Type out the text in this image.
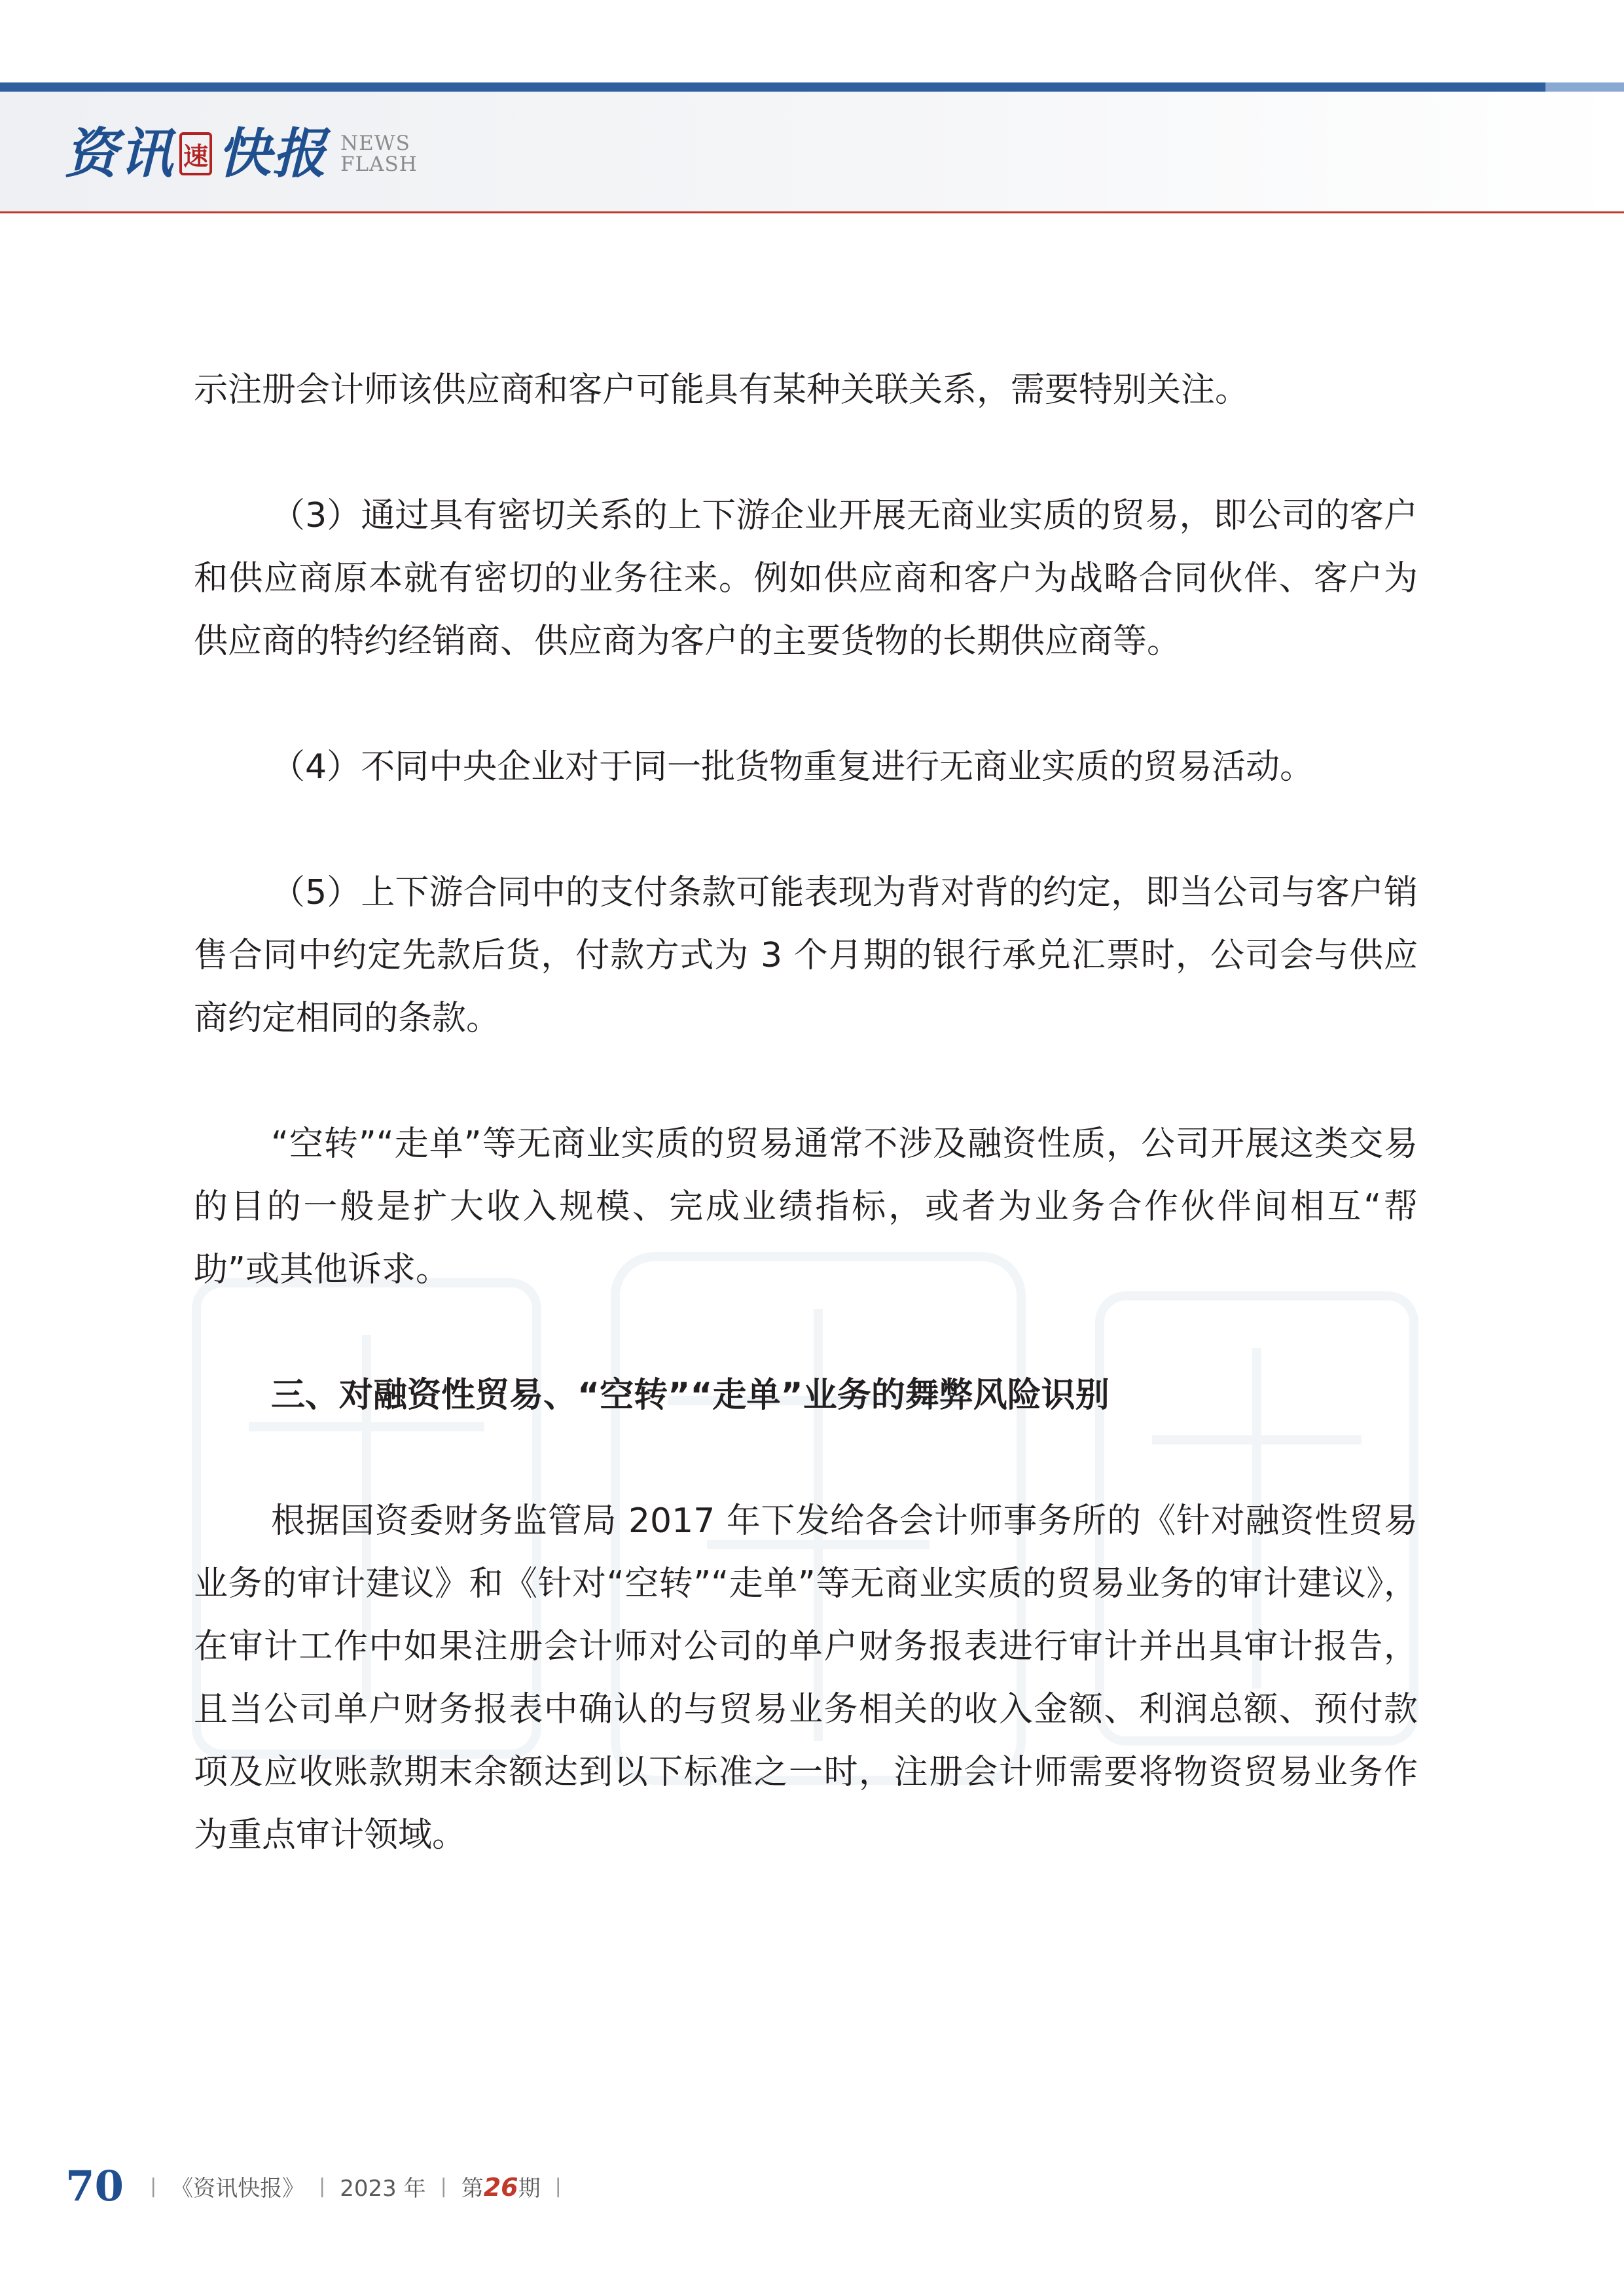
资讯 速 快报 NEWS
FLASH

示注册会计师该供应商和客户可能具有某种关联关系，需要特别关注。

（3）通过具有密切关系的上下游企业开展无商业实质的贸易，即公司的客户和供应商原本就有密切的业务往来。例如供应商和客户为战略合同伙伴、客户为供应商的特约经销商、供应商为客户的主要货物的长期供应商等。

（4）不同中央企业对于同一批货物重复进行无商业实质的贸易活动。

（5）上下游合同中的支付条款可能表现为背对背的约定，即当公司与客户销售合同中约定先款后货，付款方式为 3 个月期的银行承兑汇票时，公司会与供应商约定相同的条款。

“空转”“走单”等无商业实质的贸易通常不涉及融资性质，公司开展这类交易的目的一般是扩大收入规模、完成业绩指标，或者为业务合作伙伴间相互“帮助”或其他诉求。

三、对融资性贸易、“空转”“走单”业务的舞弊风险识别

根据国资委财务监管局 2017 年下发给各会计师事务所的《针对融资性贸易业务的审计建议》和《针对“空转”“走单”等无商业实质的贸易业务的审计建议》，在审计工作中如果注册会计师对公司的单户财务报表进行审计并出具审计报告，且当公司单户财务报表中确认的与贸易业务相关的收入金额、利润总额、预付款项及应收账款期末余额达到以下标准之一时，注册会计师需要将物资贸易业务作为重点审计领域。

70 | 《资讯快报》 | 2023 年 | 第26期 |
